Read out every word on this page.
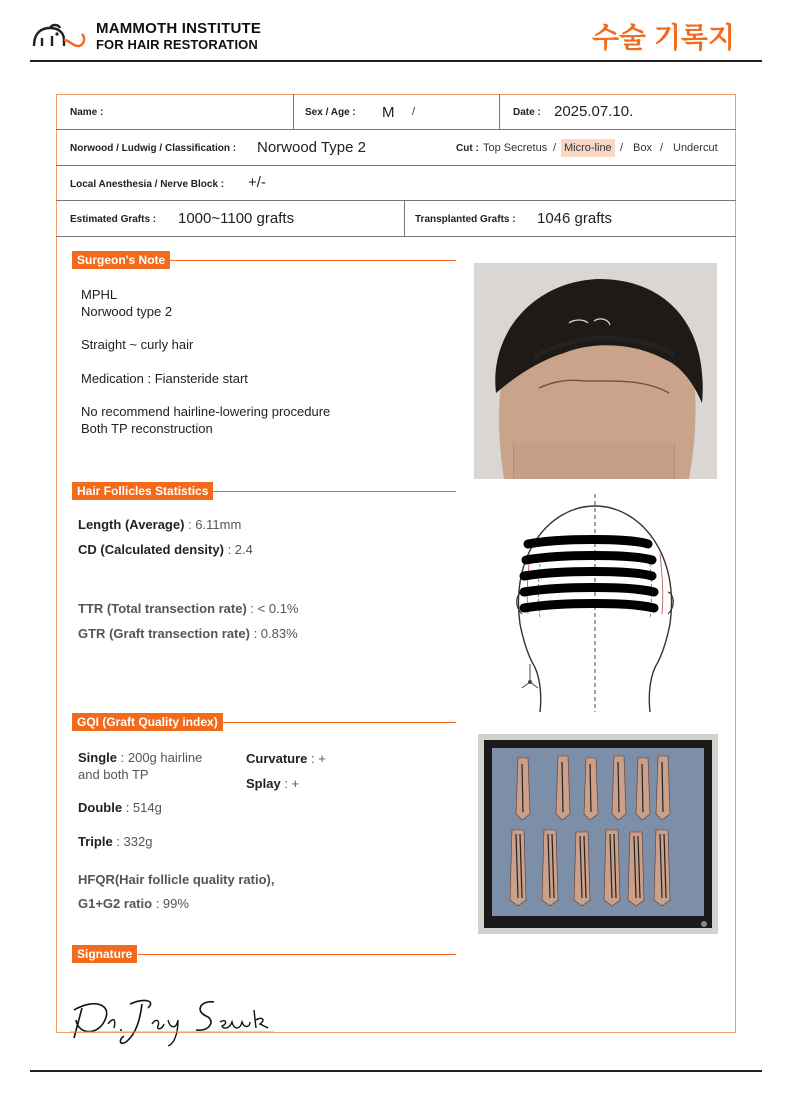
MAMMOTH INSTITUTE
FOR HAIR RESTORATION	수술 기록지
Name :	Sex / Age : M /	Date : 2025.07.10.
Norwood / Ludwig / Classification : Norwood Type 2	Cut : Top Secretus / Micro-line / Box / Undercut
Local Anesthesia / Nerve Block : +/-
Estimated Grafts : 1000~1100 grafts	Transplanted Grafts : 1046 grafts
Surgeon's Note
MPHL
Norwood type 2
Straight ~ curly hair
Medication : Fiansteride start
No recommend hairline-lowering procedure
Both TP reconstruction
Hair Follicles Statistics
Length (Average) : 6.11mm
CD (Calculated density) : 2.4
TTR (Total transection rate) : < 0.1%
GTR (Graft transection rate) : 0.83%
GQI (Graft Quality index)
Single : 200g hairline
and both TP
Curvature : +
Splay : +
Double : 514g
Triple : 332g
HFQR(Hair follicle quality ratio),
G1+G2 ratio : 99%
Signature
